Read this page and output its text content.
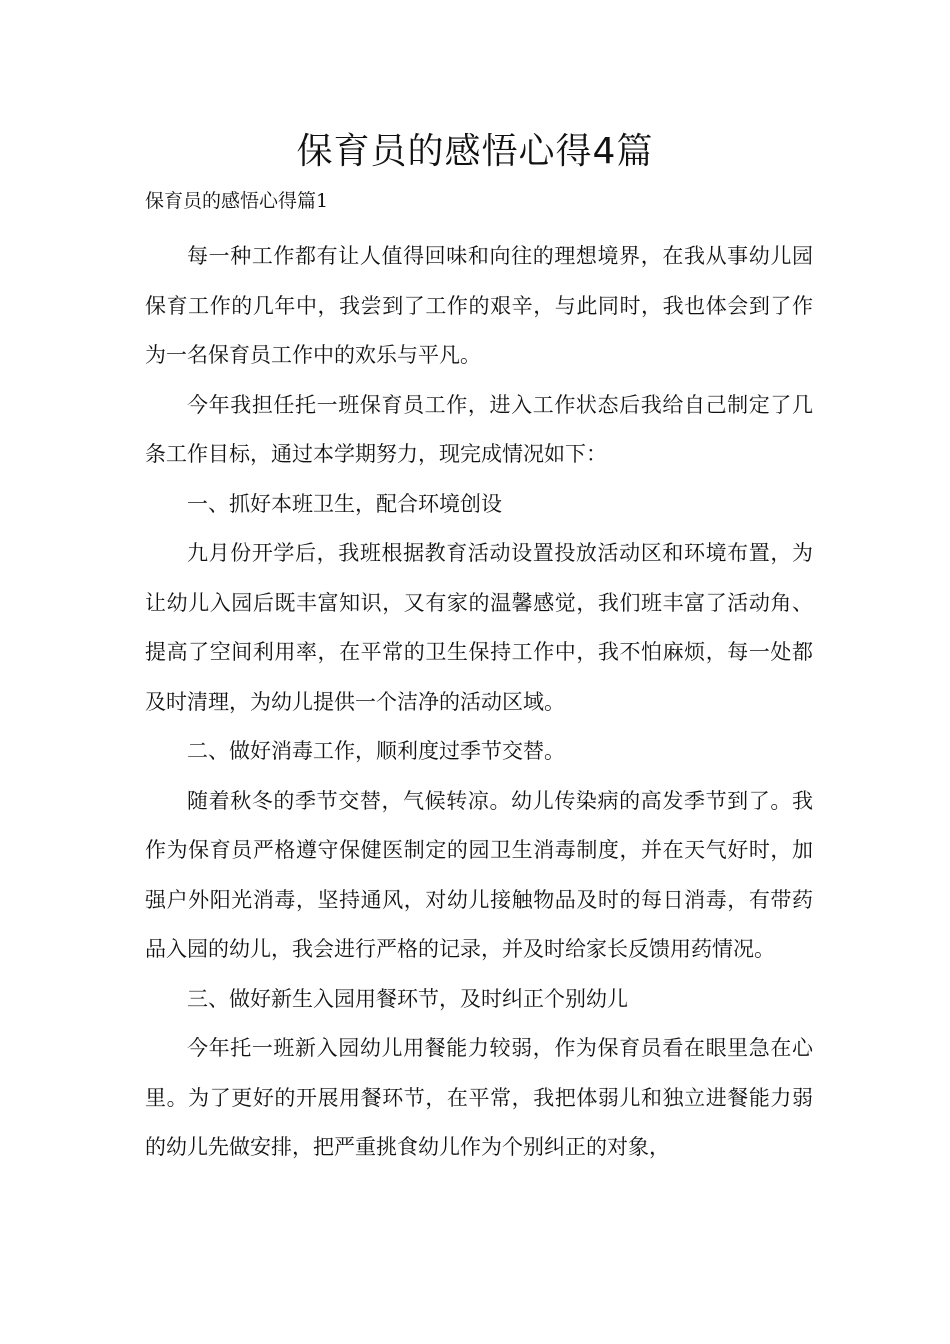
保育员的感悟心得4篇
保育员的感悟心得篇1

每一种工作都有让人值得回味和向往的理想境界，在我从事幼儿园保育工作的几年中，我尝到了工作的艰辛，与此同时，我也体会到了作为一名保育员工作中的欢乐与平凡。

今年我担任托一班保育员工作，进入工作状态后我给自己制定了几条工作目标，通过本学期努力，现完成情况如下：

一、抓好本班卫生，配合环境创设

九月份开学后，我班根据教育活动设置投放活动区和环境布置，为让幼儿入园后既丰富知识，又有家的温馨感觉，我们班丰富了活动角、提高了空间利用率，在平常的卫生保持工作中，我不怕麻烦，每一处都及时清理，为幼儿提供一个洁净的活动区域。

二、做好消毒工作，顺利度过季节交替。

随着秋冬的季节交替，气候转凉。幼儿传染病的高发季节到了。我作为保育员严格遵守保健医制定的园卫生消毒制度，并在天气好时，加强户外阳光消毒，坚持通风，对幼儿接触物品及时的每日消毒，有带药品入园的幼儿，我会进行严格的记录，并及时给家长反馈用药情况。

三、做好新生入园用餐环节，及时纠正个别幼儿

今年托一班新入园幼儿用餐能力较弱，作为保育员看在眼里急在心里。为了更好的开展用餐环节，在平常，我把体弱儿和独立进餐能力弱的幼儿先做安排，把严重挑食幼儿作为个别纠正的对象，
